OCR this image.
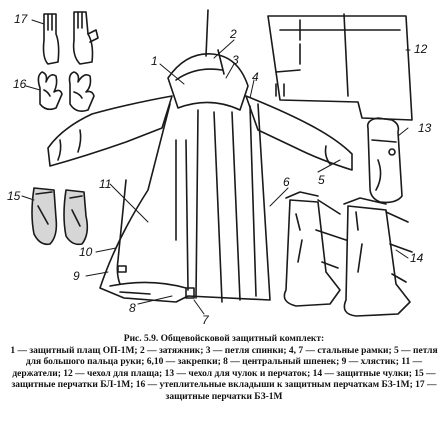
1
2
3
4
5
6
7
8
9
10
11
12
13
14
15
16
17
Рис. 5.9. Общевойсковой защитный комплект:
1 — защитный плащ ОП-1М; 2 — затяжник; 3 — петля спинки; 4, 7 — стальные рамки; 5 — петля для большого пальца руки; 6,10 — закрепки; 8 — центральный шпенек; 9 — хлястик; 11 — держатели; 12 — чехол для плаща; 13 — чехол для чулок и перчаток; 14 — защитные чулки; 15 — защитные перчатки БЛ-1М; 16 — утеплительные вкладыши к защитным перчаткам БЗ-1М; 17 — защитные перчатки БЗ-1М
